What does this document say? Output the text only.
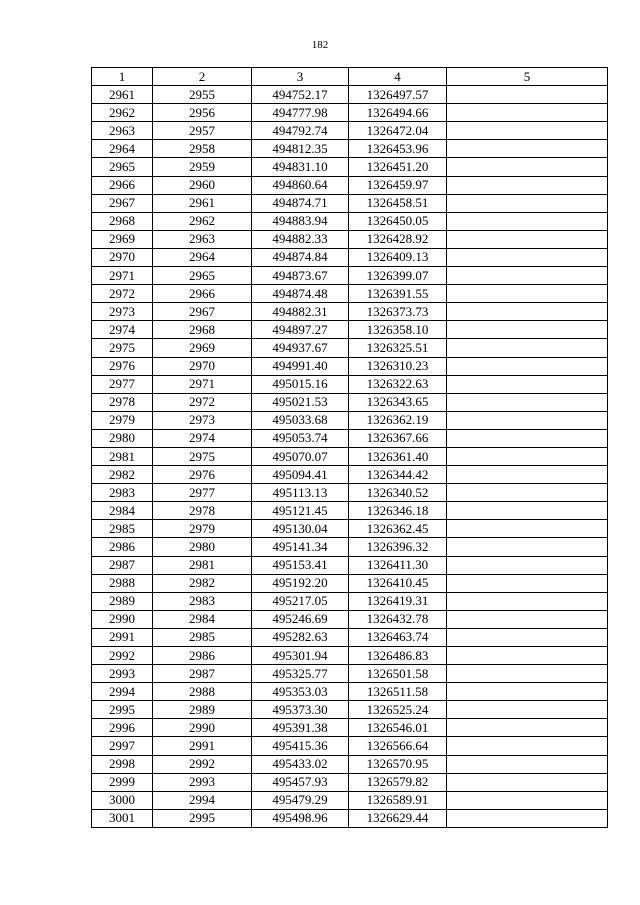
182
1	2	3	4	5
2961	2955	494752.17	1326497.57	
2962	2956	494777.98	1326494.66	
2963	2957	494792.74	1326472.04	
2964	2958	494812.35	1326453.96	
2965	2959	494831.10	1326451.20	
2966	2960	494860.64	1326459.97	
2967	2961	494874.71	1326458.51	
2968	2962	494883.94	1326450.05	
2969	2963	494882.33	1326428.92	
2970	2964	494874.84	1326409.13	
2971	2965	494873.67	1326399.07	
2972	2966	494874.48	1326391.55	
2973	2967	494882.31	1326373.73	
2974	2968	494897.27	1326358.10	
2975	2969	494937.67	1326325.51	
2976	2970	494991.40	1326310.23	
2977	2971	495015.16	1326322.63	
2978	2972	495021.53	1326343.65	
2979	2973	495033.68	1326362.19	
2980	2974	495053.74	1326367.66	
2981	2975	495070.07	1326361.40	
2982	2976	495094.41	1326344.42	
2983	2977	495113.13	1326340.52	
2984	2978	495121.45	1326346.18	
2985	2979	495130.04	1326362.45	
2986	2980	495141.34	1326396.32	
2987	2981	495153.41	1326411.30	
2988	2982	495192.20	1326410.45	
2989	2983	495217.05	1326419.31	
2990	2984	495246.69	1326432.78	
2991	2985	495282.63	1326463.74	
2992	2986	495301.94	1326486.83	
2993	2987	495325.77	1326501.58	
2994	2988	495353.03	1326511.58	
2995	2989	495373.30	1326525.24	
2996	2990	495391.38	1326546.01	
2997	2991	495415.36	1326566.64	
2998	2992	495433.02	1326570.95	
2999	2993	495457.93	1326579.82	
3000	2994	495479.29	1326589.91	
3001	2995	495498.96	1326629.44	
